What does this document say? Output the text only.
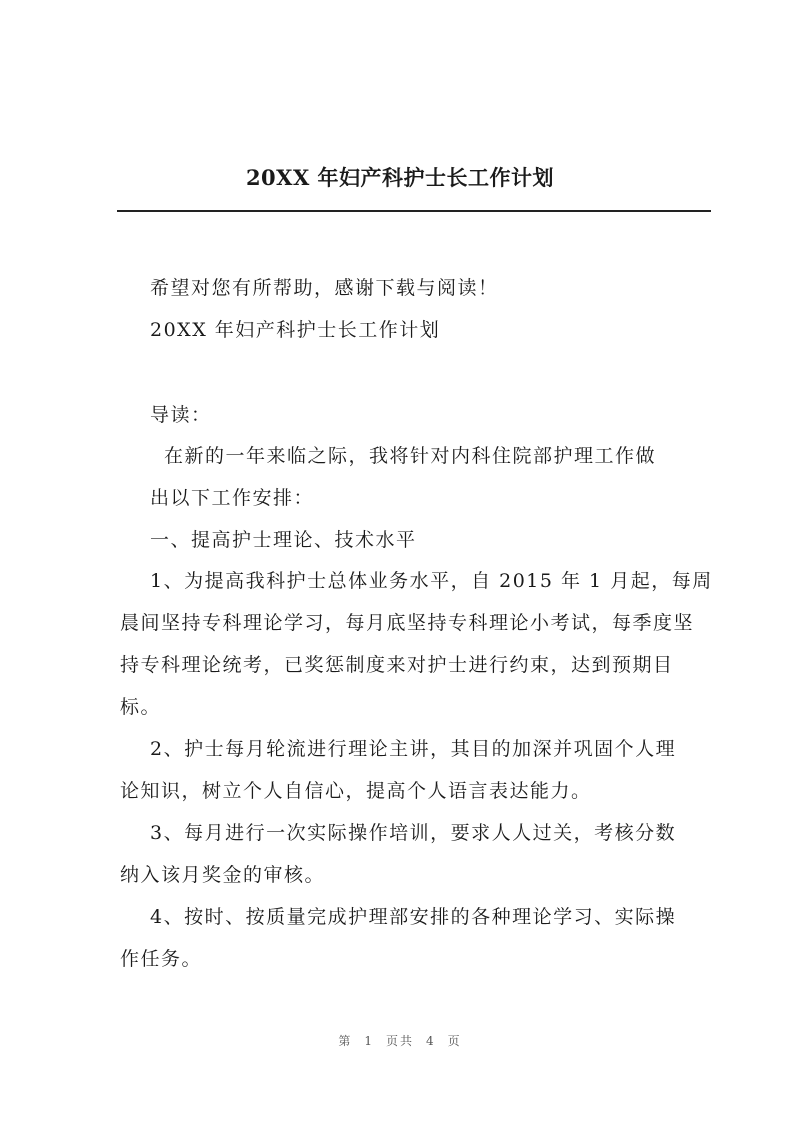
20XX 年妇产科护士长工作计划
希望对您有所帮助，感谢下载与阅读！
20XX 年妇产科护士长工作计划
导读：
在新的一年来临之际，我将针对内科住院部护理工作做
出以下工作安排：
一、提高护士理论、技术水平
1、为提高我科护士总体业务水平，自 2015 年 1 月起，每周
晨间坚持专科理论学习，每月底坚持专科理论小考试，每季度坚
持专科理论统考，已奖惩制度来对护士进行约束，达到预期目
标。
2、护士每月轮流进行理论主讲，其目的加深并巩固个人理
论知识，树立个人自信心，提高个人语言表达能力。
3、每月进行一次实际操作培训，要求人人过关，考核分数
纳入该月奖金的审核。
4、按时、按质量完成护理部安排的各种理论学习、实际操
作任务。
第 1 页共 4 页
